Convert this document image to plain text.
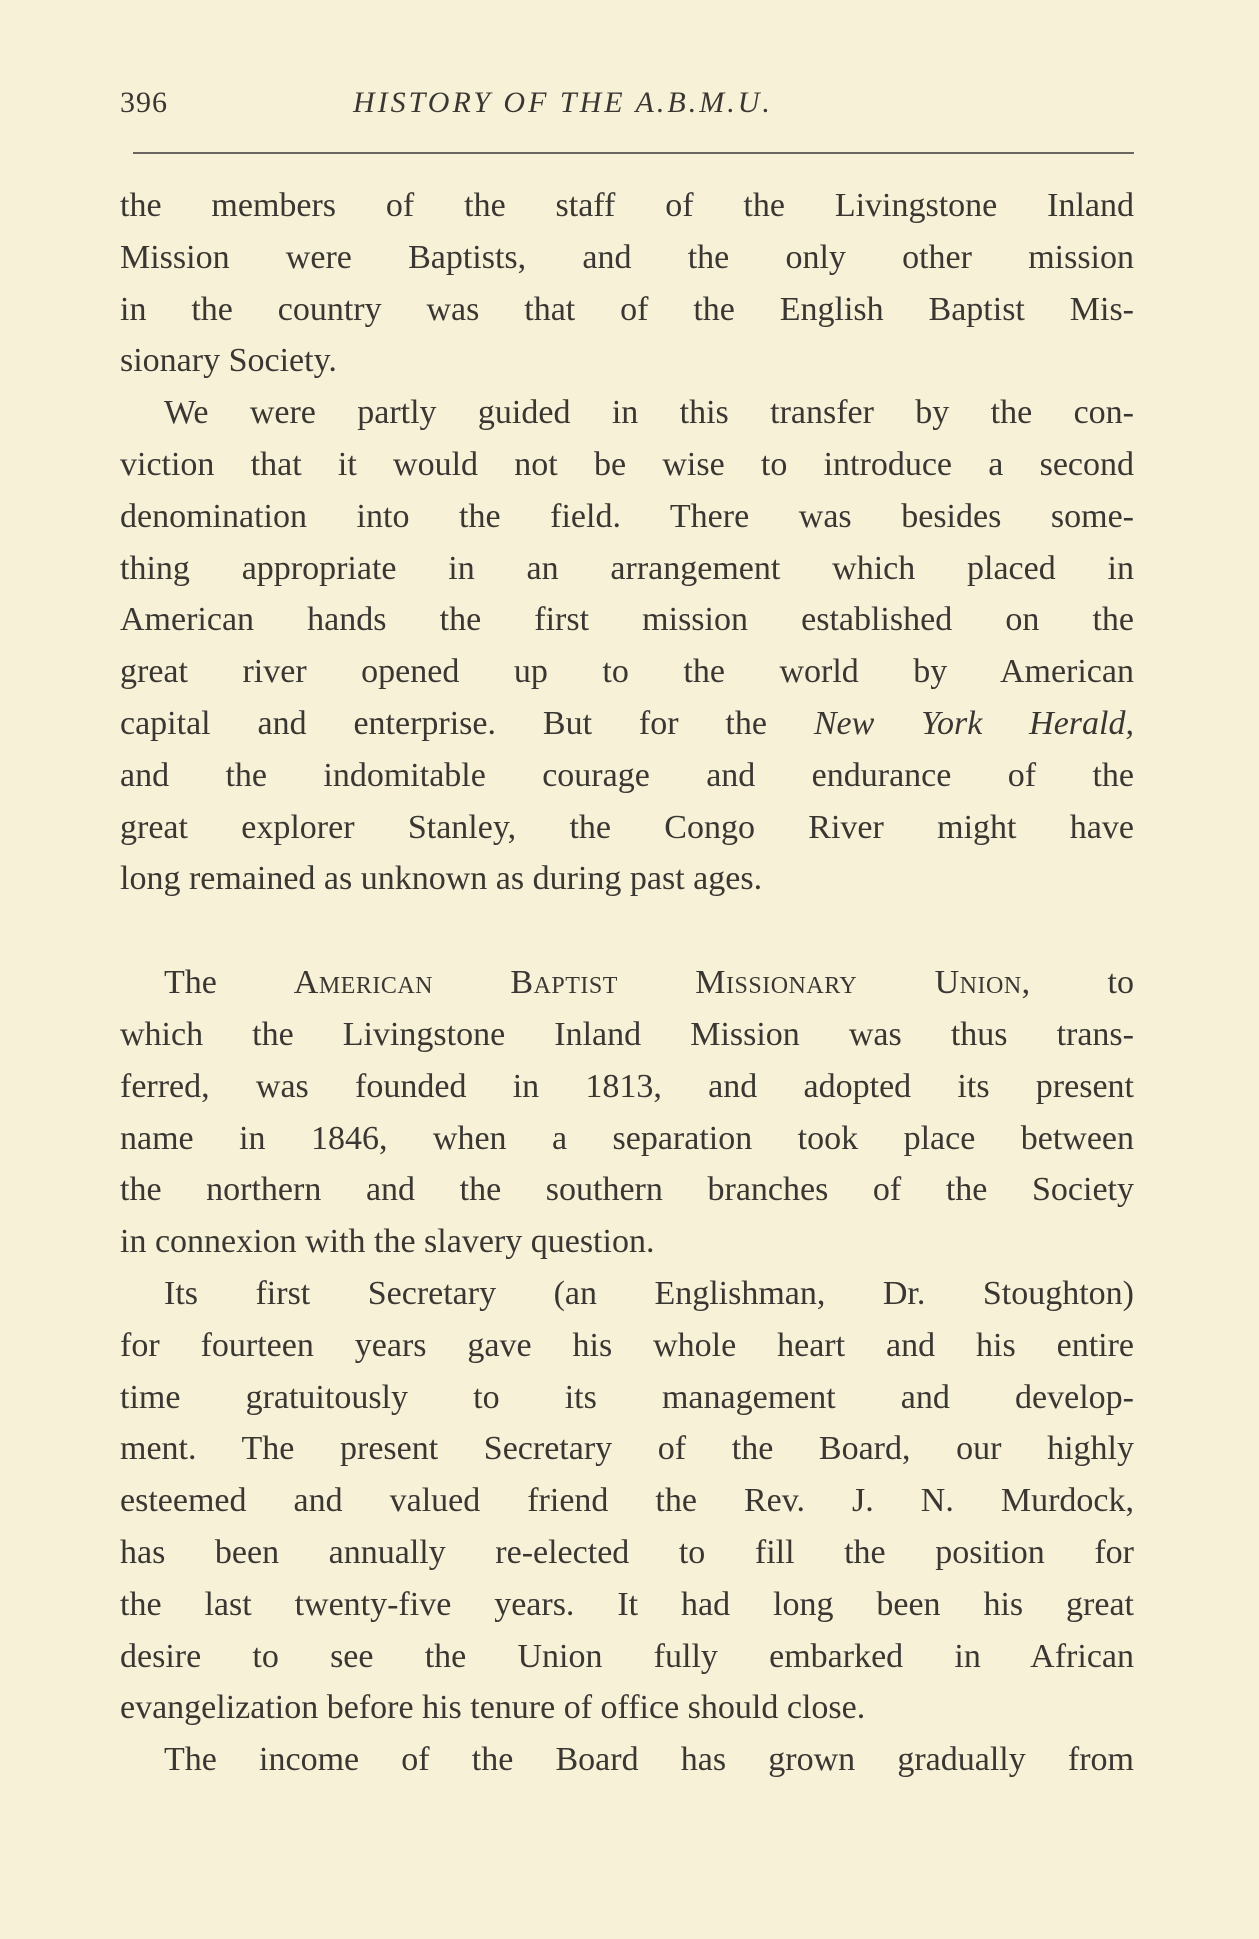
396	HISTORY OF THE A.B.M.U.

the members of the staff of the Livingstone Inland
Mission were Baptists, and the only other mission
in the country was that of the English Baptist Mis-
sionary Society.

We were partly guided in this transfer by the con-
viction that it would not be wise to introduce a second
denomination into the field. There was besides some-
thing appropriate in an arrangement which placed in
American hands the first mission established on the
great river opened up to the world by American
capital and enterprise. But for the New York Herald,
and the indomitable courage and endurance of the
great explorer Stanley, the Congo River might have
long remained as unknown as during past ages.

The American Baptist Missionary Union, to
which the Livingstone Inland Mission was thus trans-
ferred, was founded in 1813, and adopted its present
name in 1846, when a separation took place between
the northern and the southern branches of the Society
in connexion with the slavery question.

Its first Secretary (an Englishman, Dr. Stoughton)
for fourteen years gave his whole heart and his entire
time gratuitously to its management and develop-
ment. The present Secretary of the Board, our highly
esteemed and valued friend the Rev. J. N. Murdock,
has been annually re-elected to fill the position for
the last twenty-five years. It had long been his great
desire to see the Union fully embarked in African
evangelization before his tenure of office should close.

The income of the Board has grown gradually from
